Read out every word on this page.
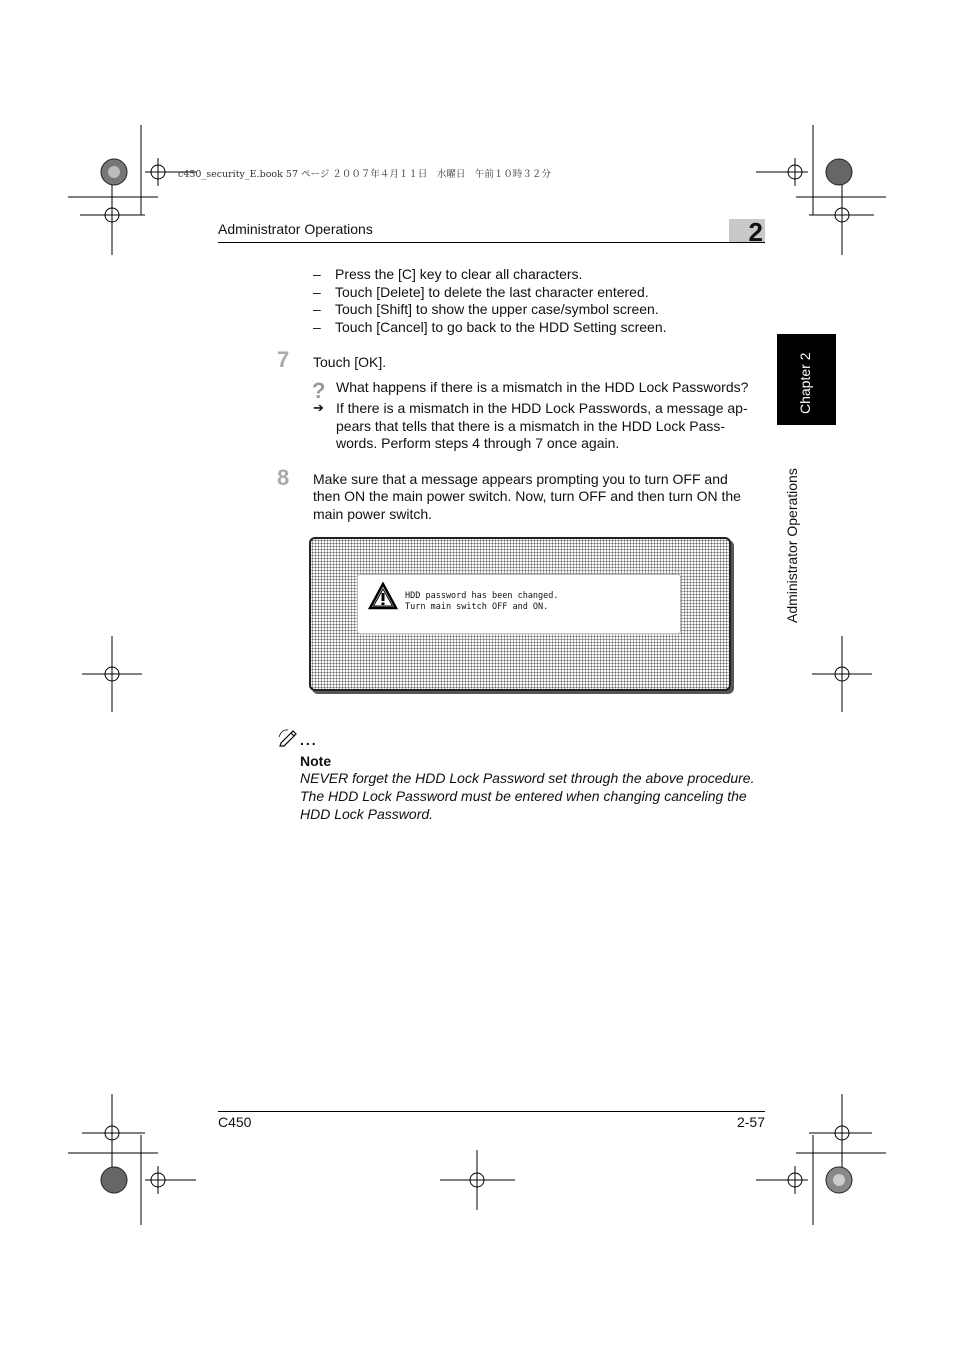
c450_security_E.book 57 ページ ２００７年４月１１日　水曜日　午前１０時３２分
Administrator Operations	2
Chapter 2
Administrator Operations
– Press the [C] key to clear all characters.
– Touch [Delete] to delete the last character entered.
– Touch [Shift] to show the upper case/symbol screen.
– Touch [Cancel] to go back to the HDD Setting screen.
7 Touch [OK].
? What happens if there is a mismatch in the HDD Lock Passwords?
➔ If there is a mismatch in the HDD Lock Passwords, a message ap-
pears that tells that there is a mismatch in the HDD Lock Pass-
words. Perform steps 4 through 7 once again.
8 Make sure that a message appears prompting you to turn OFF and
then ON the main power switch. Now, turn OFF and then turn ON the
main power switch.
HDD password has been changed.
Turn main switch OFF and ON.
...
Note
NEVER forget the HDD Lock Password set through the above procedure.
The HDD Lock Password must be entered when changing canceling the
HDD Lock Password.
C450	2-57
